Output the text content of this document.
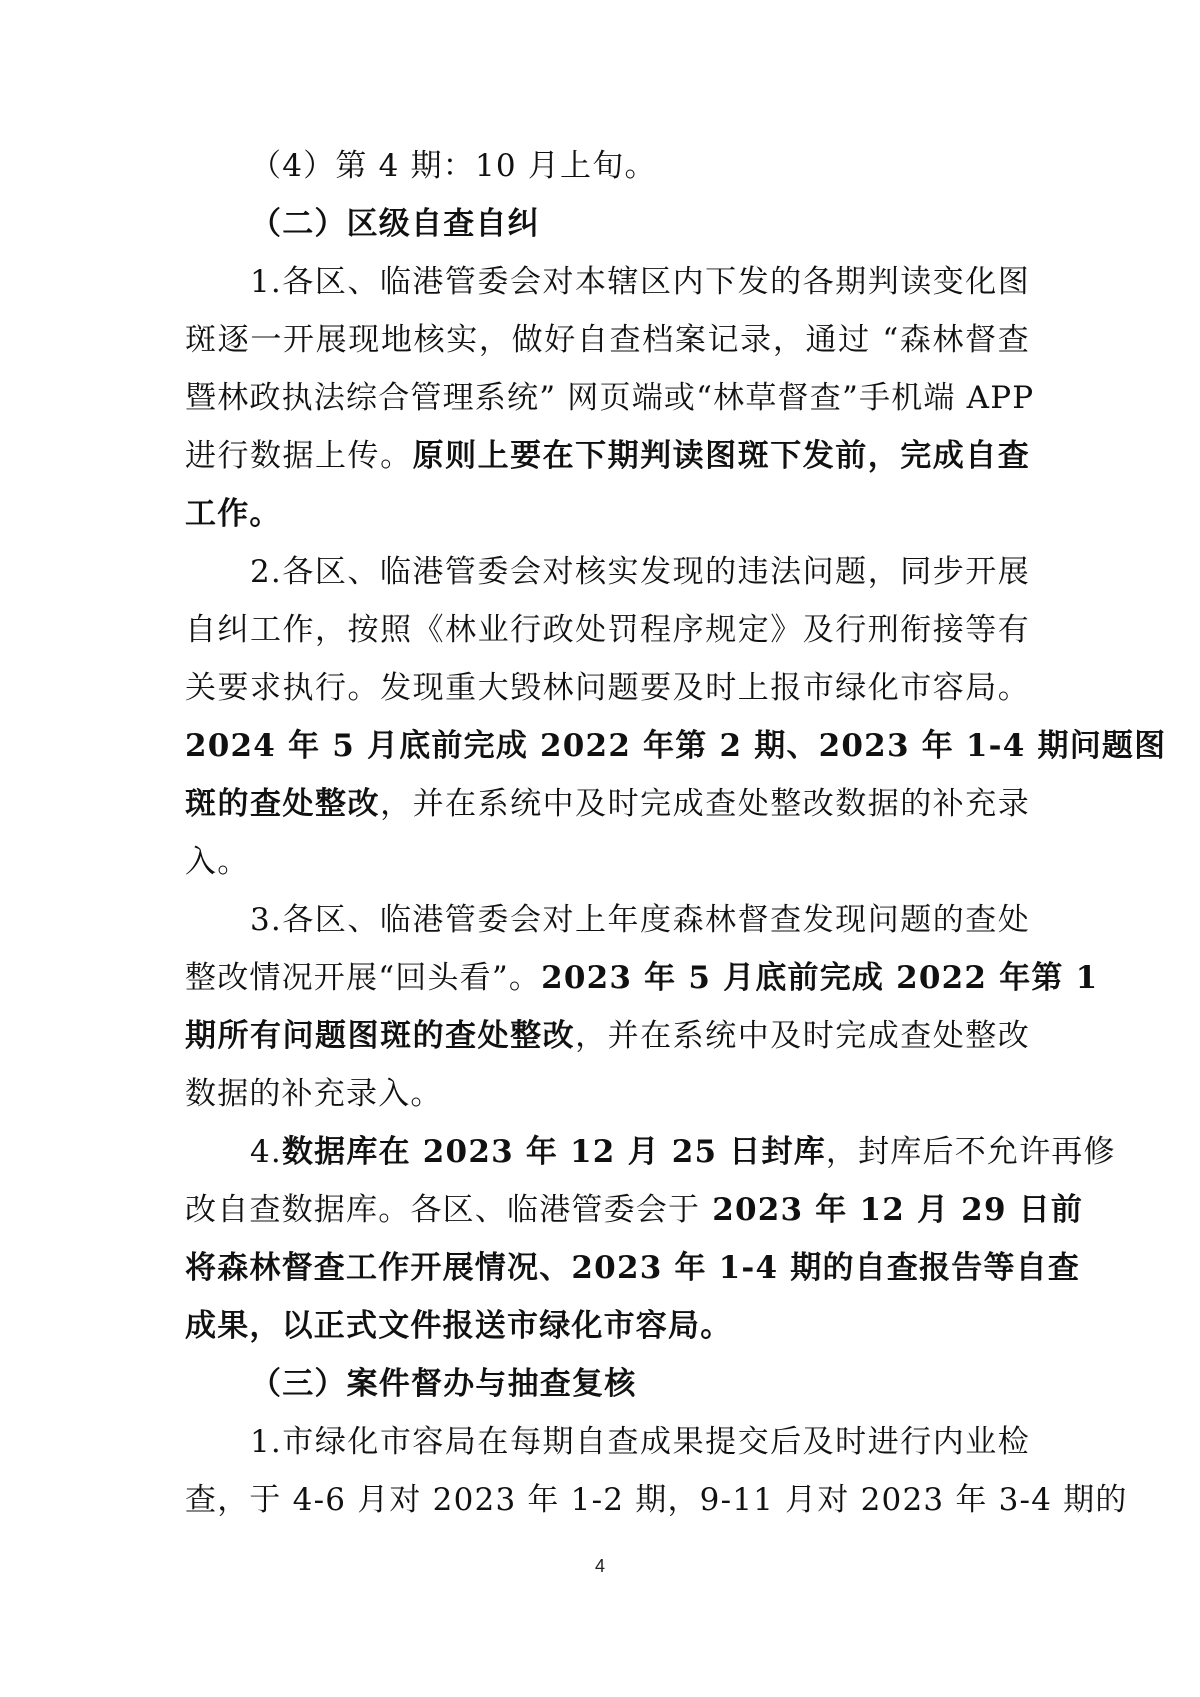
（4）第 4 期：10 月上旬。
（二）区级自查自纠
1.各区、临港管委会对本辖区内下发的各期判读变化图
斑逐一开展现地核实，做好自查档案记录，通过 “森林督查
暨林政执法综合管理系统” 网页端或“林草督查”手机端 APP
进行数据上传。原则上要在下期判读图斑下发前，完成自查
工作。
2.各区、临港管委会对核实发现的违法问题，同步开展
自纠工作，按照《林业行政处罚程序规定》及行刑衔接等有
关要求执行。发现重大毁林问题要及时上报市绿化市容局。
2024 年 5 月底前完成 2022 年第 2 期、2023 年 1-4 期问题图
斑的查处整改，并在系统中及时完成查处整改数据的补充录
入。
3.各区、临港管委会对上年度森林督查发现问题的查处
整改情况开展“回头看”。2023 年 5 月底前完成 2022 年第 1
期所有问题图斑的查处整改，并在系统中及时完成查处整改
数据的补充录入。
4.数据库在 2023 年 12 月 25 日封库，封库后不允许再修
改自查数据库。各区、临港管委会于 2023 年 12 月 29 日前
将森林督查工作开展情况、2023 年 1-4 期的自查报告等自查
成果，以正式文件报送市绿化市容局。
（三）案件督办与抽查复核
1.市绿化市容局在每期自查成果提交后及时进行内业检
查，于 4-6 月对 2023 年 1-2 期，9-11 月对 2023 年 3-4 期的
4
